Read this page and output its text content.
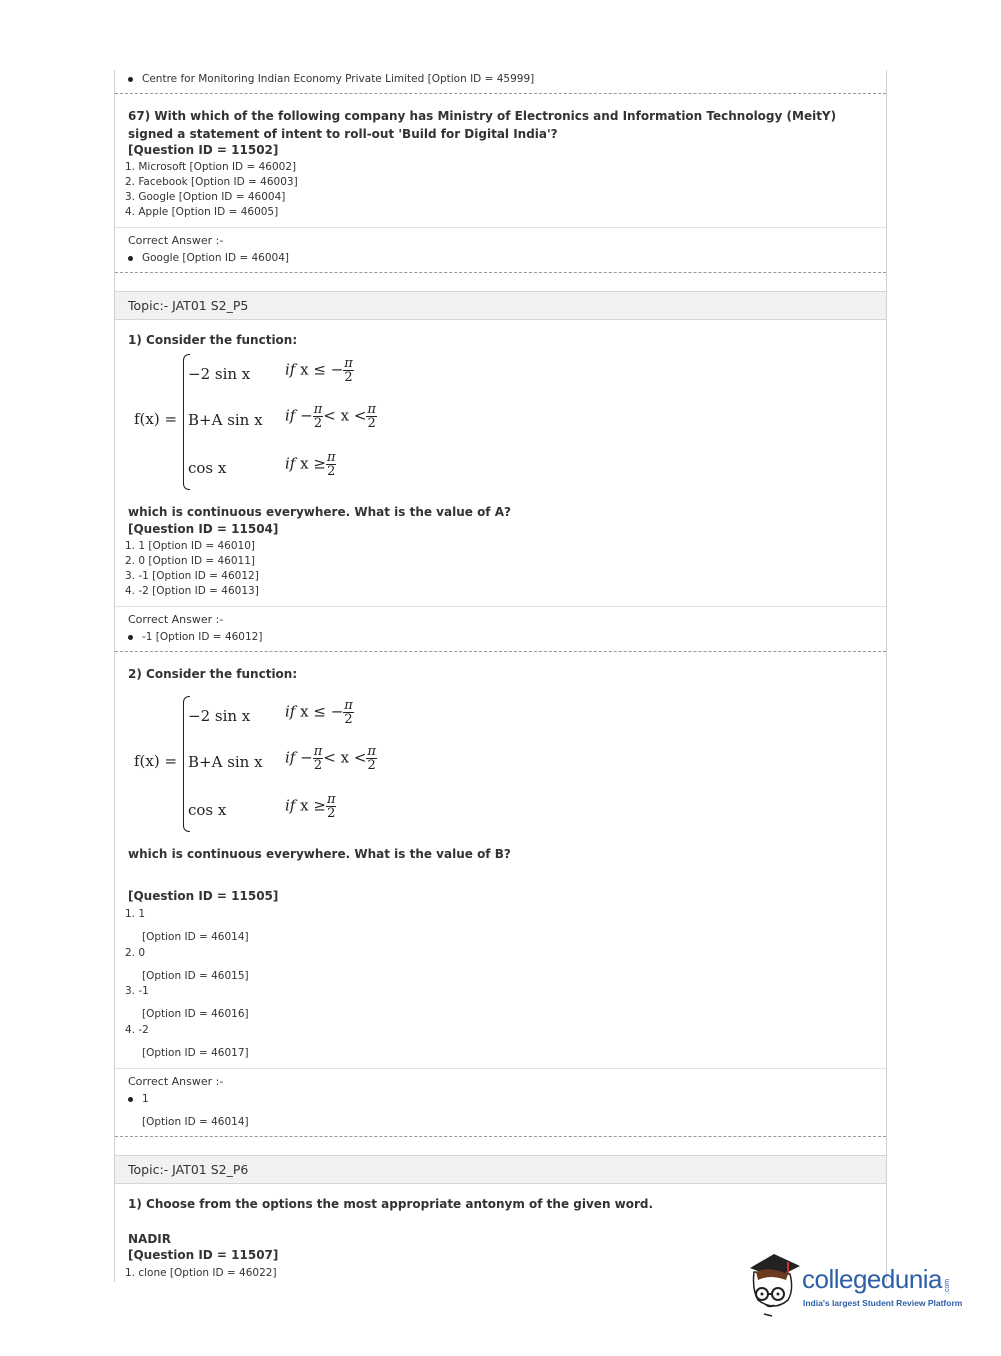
Centre for Monitoring Indian Economy Private Limited [Option ID = 45999]
67) With which of the following company has Ministry of Electronics and Information Technology (MeitY) signed a statement of intent to roll-out 'Build for Digital India'?
[Question ID = 11502]
1. Microsoft [Option ID = 46002]
2. Facebook [Option ID = 46003]
3. Google [Option ID = 46004]
4. Apple [Option ID = 46005]
Correct Answer :-
Google [Option ID = 46004]
Topic:- JAT01 S2_P5
1) Consider the function:
f(x) =
−2 sin x
B+A sin x
cos x
if x ≤ − $\frac{\pi}{2}$
if − $\frac{\pi}{2} < x < \frac{\pi}{2}$
if $x \ge \frac{\pi}{2}$
which is continuous everywhere. What is the value of A?
[Question ID = 11504]
1. 1 [Option ID = 46010]
2. 0 [Option ID = 46011]
3. -1 [Option ID = 46012]
4. -2 [Option ID = 46013]
Correct Answer :-
-1 [Option ID = 46012]
2) Consider the function:
f(x) =
−2 sin x
B+A sin x
cos x
if x ≤ − $\frac{\pi}{2}$
if − $\frac{\pi}{2} < x < \frac{\pi}{2}$
if $x \ge \frac{\pi}{2}$
which is continuous everywhere. What is the value of B?
[Question ID = 11505]
1. 1
[Option ID = 46014]
2. 0
[Option ID = 46015]
3. -1
[Option ID = 46016]
4. -2
[Option ID = 46017]
Correct Answer :-
1
[Option ID = 46014]
Topic:- JAT01 S2_P6
1) Choose from the options the most appropriate antonym of the given word.
NADIR
[Question ID = 11507]
1. clone [Option ID = 46022]	collegedunia .com
India's largest Student Review Platform
